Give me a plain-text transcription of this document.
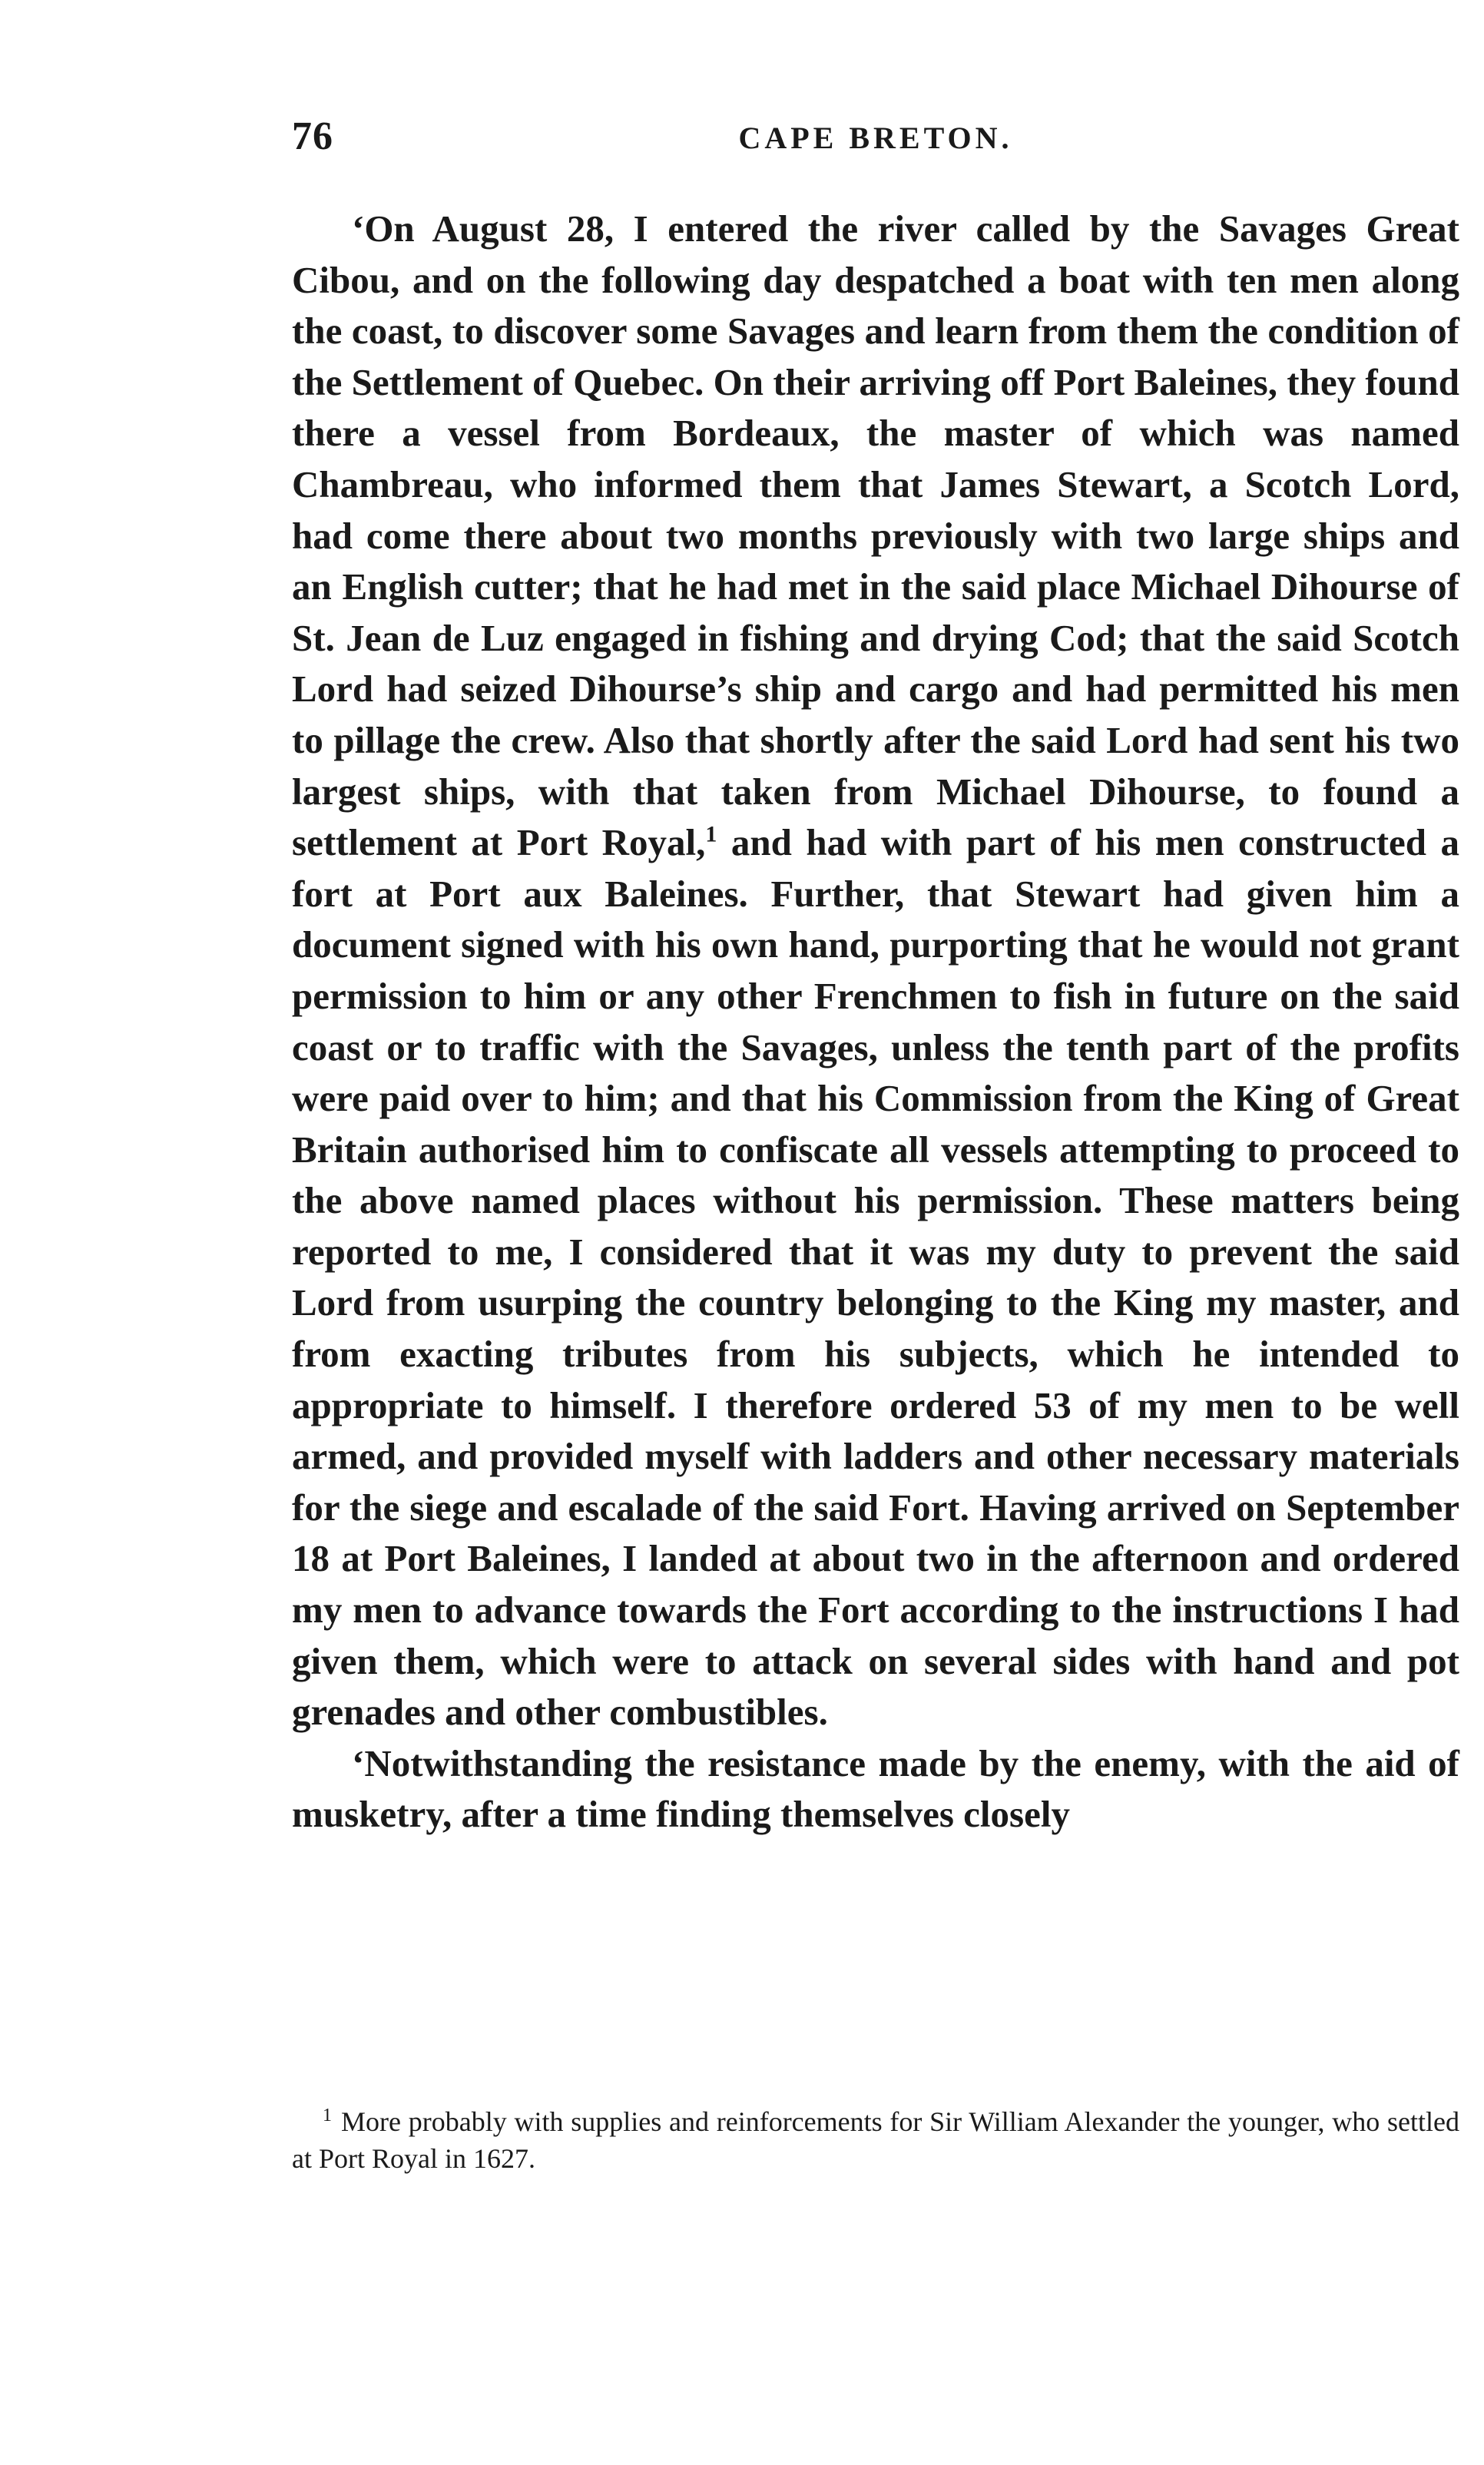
76	CAPE BRETON.

‘On August 28, I entered the river called by the Savages Great Cibou, and on the following day despatched a boat with ten men along the coast, to discover some Savages and learn from them the condition of the Settlement of Quebec. On their arriving off Port Baleines, they found there a vessel from Bordeaux, the master of which was named Chambreau, who informed them that James Stewart, a Scotch Lord, had come there about two months previously with two large ships and an English cutter; that he had met in the said place Michael Dihourse of St. Jean de Luz engaged in fishing and drying Cod; that the said Scotch Lord had seized Dihourse’s ship and cargo and had permitted his men to pillage the crew. Also that shortly after the said Lord had sent his two largest ships, with that taken from Michael Dihourse, to found a settlement at Port Royal,$^1$ and had with part of his men constructed a fort at Port aux Baleines. Further, that Stewart had given him a document signed with his own hand, purporting that he would not grant permission to him or any other Frenchmen to fish in future on the said coast or to traffic with the Savages, unless the tenth part of the profits were paid over to him; and that his Commission from the King of Great Britain authorised him to confiscate all vessels attempting to proceed to the above named places without his permission. These matters being reported to me, I considered that it was my duty to prevent the said Lord from usurping the country belonging to the King my master, and from exacting tributes from his subjects, which he intended to appropriate to himself. I therefore ordered 53 of my men to be well armed, and provided myself with ladders and other necessary materials for the siege and escalade of the said Fort. Having arrived on September 18 at Port Baleines, I landed at about two in the afternoon and ordered my men to advance towards the Fort according to the instructions I had given them, which were to attack on several sides with hand and pot grenades and other combustibles.

‘Notwithstanding the resistance made by the enemy, with the aid of musketry, after a time finding themselves closely

$^1$ More probably with supplies and reinforcements for Sir William Alexander the younger, who settled at Port Royal in 1627.
